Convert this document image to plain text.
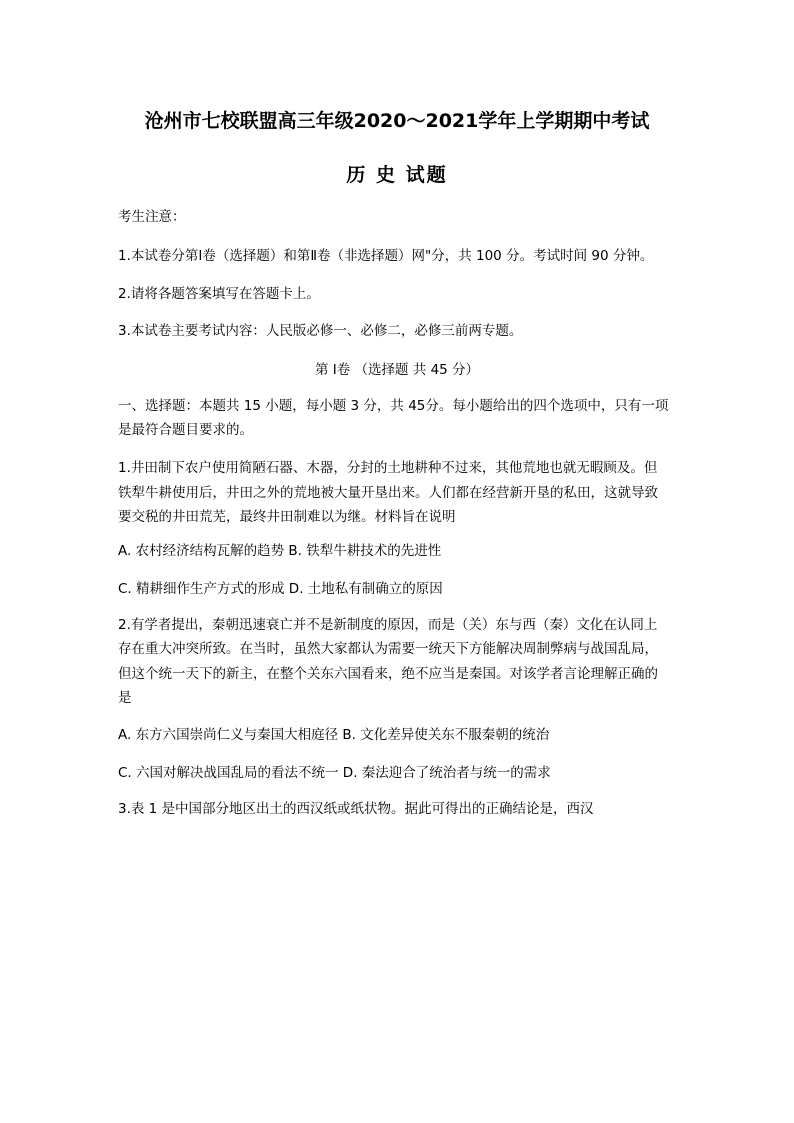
沧州市七校联盟高三年级2020～2021学年上学期期中考试
历 史 试题
考生注意：
1.本试卷分第Ⅰ卷（选择题）和第Ⅱ卷（非选择题）网"分，共 100 分。考试时间 90 分钟。
2.请将各题答案填写在答题卡上。
3.本试卷主要考试内容：人民版必修一、必修二，必修三前两专题。
第 Ⅰ卷 （选择题 共 45 分）
一、选择题：本题共 15 小题，每小题 3 分，共 45分。每小题给出的四个选项中，只有一项
是最符合题目要求的。
1.井田制下农户使用简陋石器、木器，分封的土地耕种不过来，其他荒地也就无暇顾及。但
铁犁牛耕使用后，井田之外的荒地被大量开垦出来。人们都在经营新开垦的私田，这就导致
要交税的井田荒芜，最终井田制难以为继。材料旨在说明
A. 农村经济结构瓦解的趋势 B. 铁犁牛耕技术的先进性
C. 精耕细作生产方式的形成 D. 土地私有制确立的原因
2.有学者提出，秦朝迅速衰亡并不是新制度的原因，而是（关）东与西（秦）文化在认同上
存在重大冲突所致。在当时，虽然大家都认为需要一统天下方能解决周制弊病与战国乱局，
但这个统一天下的新主，在整个关东六国看来，绝不应当是秦国。对该学者言论理解正确的
是
A. 东方六国崇尚仁义与秦国大相庭径 B. 文化差异使关东不服秦朝的统治
C. 六国对解决战国乱局的看法不统一 D. 秦法迎合了统治者与统一的需求
3.表 1 是中国部分地区出土的西汉纸或纸状物。据此可得出的正确结论是，西汉
